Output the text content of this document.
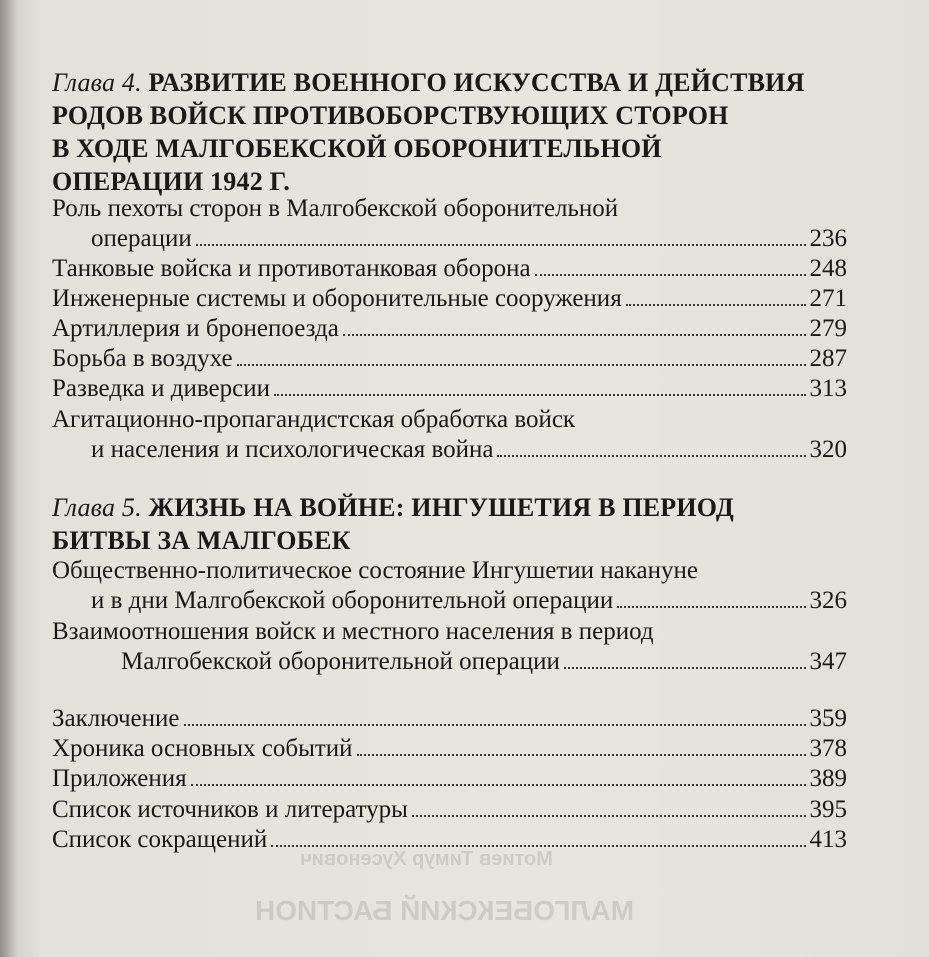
Глава 4. РАЗВИТИЕ ВОЕННОГО ИСКУССТВА И ДЕЙСТВИЯ
РОДОВ ВОЙСК ПРОТИВОБОРСТВУЮЩИХ СТОРОН
В ХОДЕ МАЛГОБЕКСКОЙ ОБОРОНИТЕЛЬНОЙ
ОПЕРАЦИИ 1942 Г.
Роль пехоты сторон в Малгобекской оборонительной
операции	236
Танковые войска и противотанковая оборона	248
Инженерные системы и оборонительные сооружения	271
Артиллерия и бронепоезда	279
Борьба в воздухе	287
Разведка и диверсии	313
Агитационно-пропагандистская обработка войск
и населения и психологическая война	320
Глава 5. ЖИЗНЬ НА ВОЙНЕ: ИНГУШЕТИЯ В ПЕРИОД
БИТВЫ ЗА МАЛГОБЕК
Общественно-политическое состояние Ингушетии накануне
и в дни Малгобекской оборонительной операции	326
Взаимоотношения войск и местного населения в период
Малгобекской оборонительной операции	347
Заключение	359
Хроника основных событий	378
Приложения	389
Список источников и литературы	395
Список сокращений	413
Мотиев Тимур Хусенович
МАЛГОБЕКСКИЙ БАСТИОН
